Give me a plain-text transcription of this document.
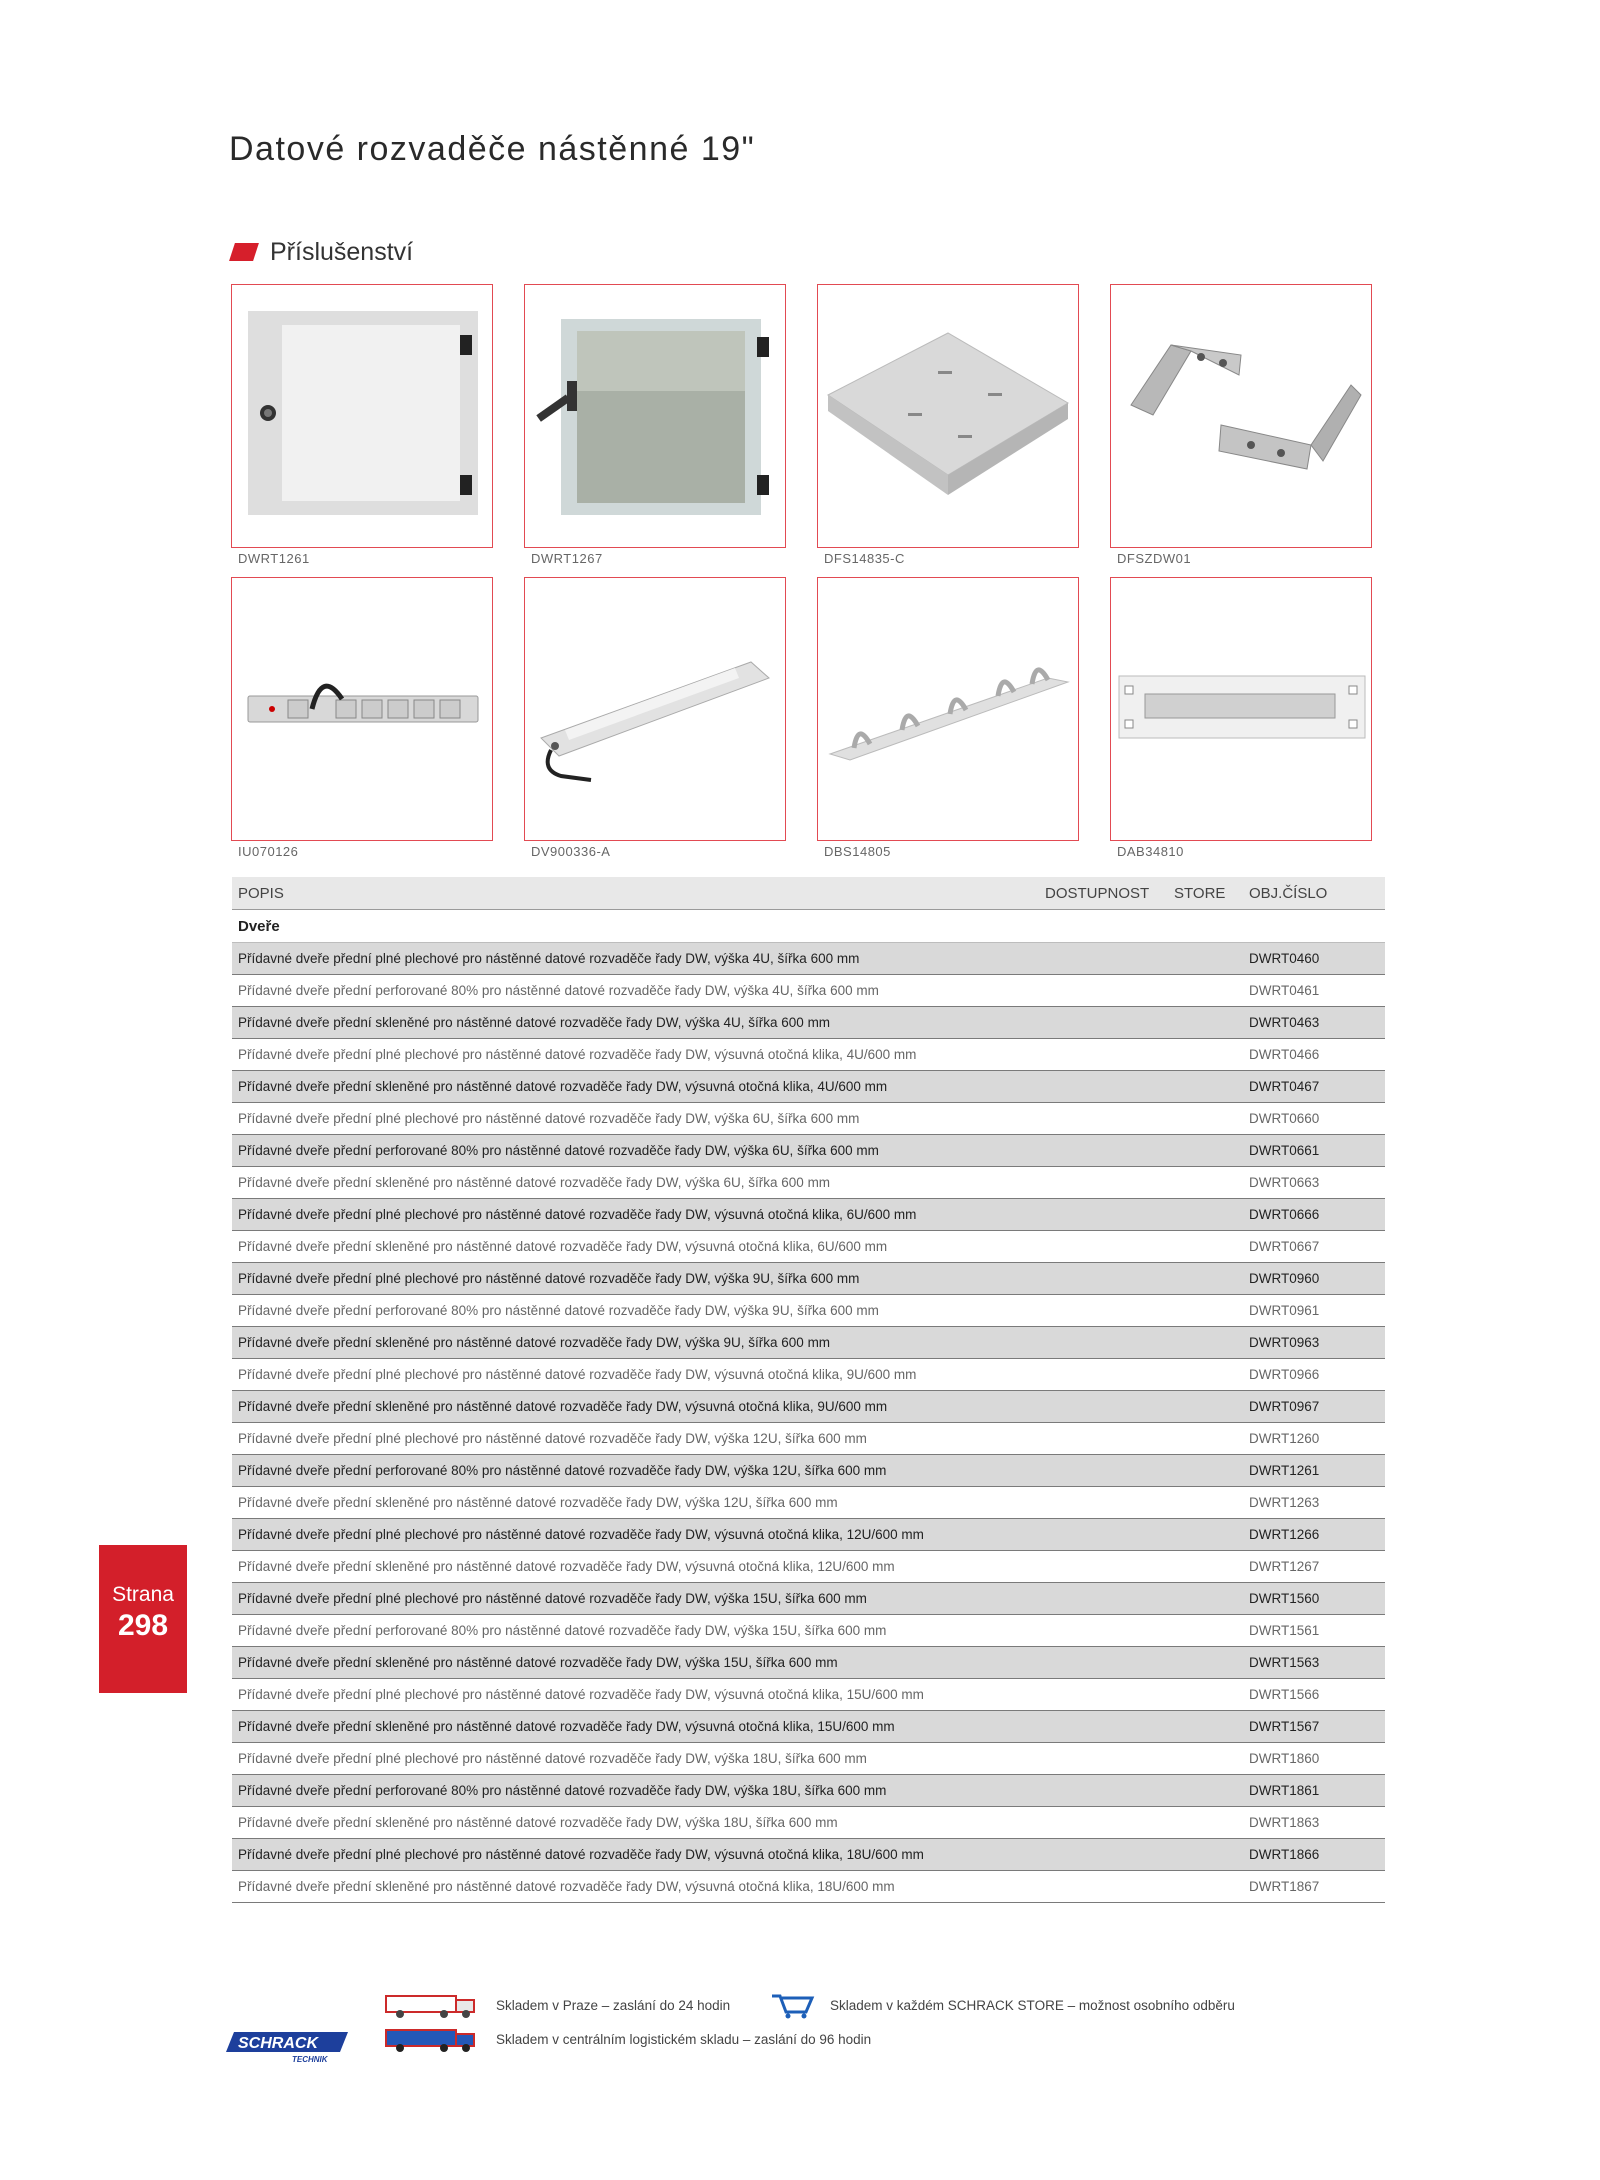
Datové rozvaděče nástěnné 19"
Příslušenství
DWRT1261	DWRT1267	DFS14835-C	DFSZDW01
IU070126	DV900336-A	DBS14805	DAB34810
POPIS	DOSTUPNOST STORE OBJ.ČÍSLO
Dveře
Přídavné dveře přední plné plechové pro nástěnné datové rozvaděče řady DW, výška 4U, šířka 600 mm	DWRT0460
Přídavné dveře přední perforované 80% pro nástěnné datové rozvaděče řady DW, výška 4U, šířka 600 mm	DWRT0461
Přídavné dveře přední skleněné pro nástěnné datové rozvaděče řady DW, výška 4U, šířka 600 mm	DWRT0463
Přídavné dveře přední plné plechové pro nástěnné datové rozvaděče řady DW, výsuvná otočná klika, 4U/600 mm	DWRT0466
Přídavné dveře přední skleněné pro nástěnné datové rozvaděče řady DW, výsuvná otočná klika, 4U/600 mm	DWRT0467
Přídavné dveře přední plné plechové pro nástěnné datové rozvaděče řady DW, výška 6U, šířka 600 mm	DWRT0660
Přídavné dveře přední perforované 80% pro nástěnné datové rozvaděče řady DW, výška 6U, šířka 600 mm	DWRT0661
Přídavné dveře přední skleněné pro nástěnné datové rozvaděče řady DW, výška 6U, šířka 600 mm	DWRT0663
Přídavné dveře přední plné plechové pro nástěnné datové rozvaděče řady DW, výsuvná otočná klika, 6U/600 mm	DWRT0666
Přídavné dveře přední skleněné pro nástěnné datové rozvaděče řady DW, výsuvná otočná klika, 6U/600 mm	DWRT0667
Přídavné dveře přední plné plechové pro nástěnné datové rozvaděče řady DW, výška 9U, šířka 600 mm	DWRT0960
Přídavné dveře přední perforované 80% pro nástěnné datové rozvaděče řady DW, výška 9U, šířka 600 mm	DWRT0961
Přídavné dveře přední skleněné pro nástěnné datové rozvaděče řady DW, výška 9U, šířka 600 mm	DWRT0963
Přídavné dveře přední plné plechové pro nástěnné datové rozvaděče řady DW, výsuvná otočná klika, 9U/600 mm	DWRT0966
Přídavné dveře přední skleněné pro nástěnné datové rozvaděče řady DW, výsuvná otočná klika, 9U/600 mm	DWRT0967
Přídavné dveře přední plné plechové pro nástěnné datové rozvaděče řady DW, výška 12U, šířka 600 mm	DWRT1260
Přídavné dveře přední perforované 80% pro nástěnné datové rozvaděče řady DW, výška 12U, šířka 600 mm	DWRT1261
Přídavné dveře přední skleněné pro nástěnné datové rozvaděče řady DW, výška 12U, šířka 600 mm	DWRT1263
Přídavné dveře přední plné plechové pro nástěnné datové rozvaděče řady DW, výsuvná otočná klika, 12U/600 mm	DWRT1266
Přídavné dveře přední skleněné pro nástěnné datové rozvaděče řady DW, výsuvná otočná klika, 12U/600 mm	DWRT1267
Přídavné dveře přední plné plechové pro nástěnné datové rozvaděče řady DW, výška 15U, šířka 600 mm	DWRT1560
Přídavné dveře přední perforované 80% pro nástěnné datové rozvaděče řady DW, výška 15U, šířka 600 mm	DWRT1561
Přídavné dveře přední skleněné pro nástěnné datové rozvaděče řady DW, výška 15U, šířka 600 mm	DWRT1563
Přídavné dveře přední plné plechové pro nástěnné datové rozvaděče řady DW, výsuvná otočná klika, 15U/600 mm	DWRT1566
Přídavné dveře přední skleněné pro nástěnné datové rozvaděče řady DW, výsuvná otočná klika, 15U/600 mm	DWRT1567
Přídavné dveře přední plné plechové pro nástěnné datové rozvaděče řady DW, výška 18U, šířka 600 mm	DWRT1860
Přídavné dveře přední perforované 80% pro nástěnné datové rozvaděče řady DW, výška 18U, šířka 600 mm	DWRT1861
Přídavné dveře přední skleněné pro nástěnné datové rozvaděče řady DW, výška 18U, šířka 600 mm	DWRT1863
Přídavné dveře přední plné plechové pro nástěnné datové rozvaděče řady DW, výsuvná otočná klika, 18U/600 mm	DWRT1866
Přídavné dveře přední skleněné pro nástěnné datové rozvaděče řady DW, výsuvná otočná klika, 18U/600 mm	DWRT1867
Strana
298
Skladem v Praze – zaslání do 24 hodin	Skladem v každém SCHRACK STORE – možnost osobního odběru
Skladem v centrálním logistickém skladu – zaslání do 96 hodin
SCHRACK
TECHNIK
